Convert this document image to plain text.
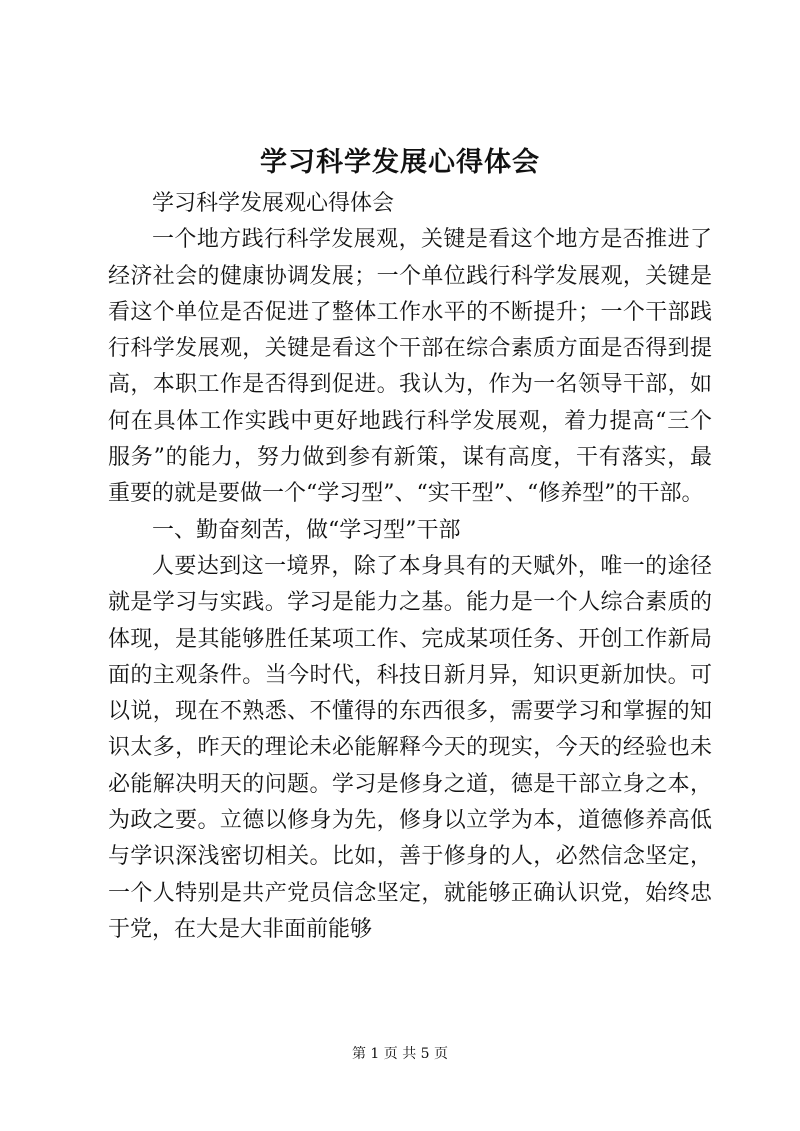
学习科学发展心得体会

学习科学发展观心得体会

一个地方践行科学发展观，关键是看这个地方是否推进了经济社会的健康协调发展；一个单位践行科学发展观，关键是看这个单位是否促进了整体工作水平的不断提升；一个干部践行科学发展观，关键是看这个干部在综合素质方面是否得到提高，本职工作是否得到促进。我认为，作为一名领导干部，如何在具体工作实践中更好地践行科学发展观，着力提高“三个服务”的能力，努力做到参有新策，谋有高度，干有落实，最重要的就是要做一个“学习型”、“实干型”、“修养型”的干部。

一、勤奋刻苦，做“学习型”干部

人要达到这一境界，除了本身具有的天赋外，唯一的途径就是学习与实践。学习是能力之基。能力是一个人综合素质的体现，是其能够胜任某项工作、完成某项任务、开创工作新局面的主观条件。当今时代，科技日新月异，知识更新加快。可以说，现在不熟悉、不懂得的东西很多，需要学习和掌握的知识太多，昨天的理论未必能解释今天的现实，今天的经验也未必能解决明天的问题。学习是修身之道，德是干部立身之本，为政之要。立德以修身为先，修身以立学为本，道德修养高低与学识深浅密切相关。比如，善于修身的人，必然信念坚定，一个人特别是共产党员信念坚定，就能够正确认识党，始终忠于党，在大是大非面前能够

第 1 页 共 5 页
